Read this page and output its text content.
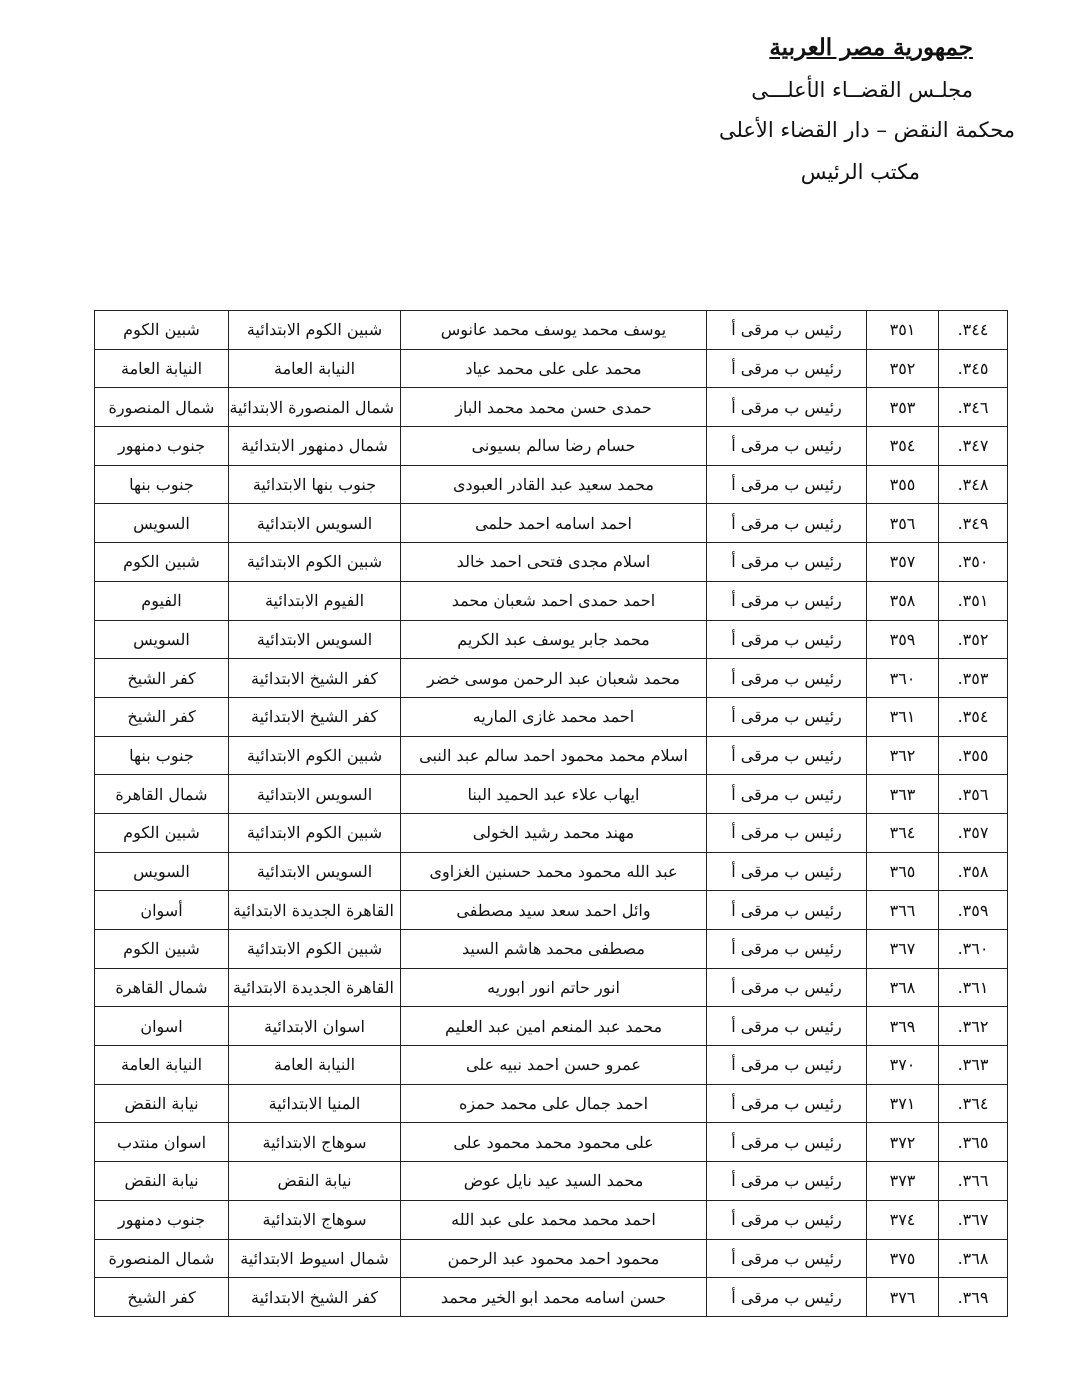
جمهورية مصر العربية
مجلـس القضــاء الأعلـــى
محكمة النقض – دار القضاء الأعلى
مكتب الرئيس
٣٤٤.	٣٥١	رئيس ب مرقى أ	يوسف محمد يوسف محمد عانوس	شبين الكوم الابتدائية	شبين الكوم
٣٤٥.	٣٥٢	رئيس ب مرقى أ	محمد على على محمد عياد	النيابة العامة	النيابة العامة
٣٤٦.	٣٥٣	رئيس ب مرقى أ	حمدى حسن محمد محمد الباز	شمال المنصورة الابتدائية	شمال المنصورة
٣٤٧.	٣٥٤	رئيس ب مرقى أ	حسام رضا سالم بسيونى	شمال دمنهور الابتدائية	جنوب دمنهور
٣٤٨.	٣٥٥	رئيس ب مرقى أ	محمد سعيد عبد القادر العبودى	جنوب بنها الابتدائية	جنوب بنها
٣٤٩.	٣٥٦	رئيس ب مرقى أ	احمد اسامه احمد حلمى	السويس الابتدائية	السويس
٣٥٠.	٣٥٧	رئيس ب مرقى أ	اسلام مجدى فتحى احمد خالد	شبين الكوم الابتدائية	شبين الكوم
٣٥١.	٣٥٨	رئيس ب مرقى أ	احمد حمدى احمد شعبان محمد	الفيوم الابتدائية	الفيوم
٣٥٢.	٣٥٩	رئيس ب مرقى أ	محمد جابر يوسف عبد الكريم	السويس الابتدائية	السويس
٣٥٣.	٣٦٠	رئيس ب مرقى أ	محمد شعبان عبد الرحمن موسى خضر	كفر الشيخ الابتدائية	كفر الشيخ
٣٥٤.	٣٦١	رئيس ب مرقى أ	احمد محمد غازى الماريه	كفر الشيخ الابتدائية	كفر الشيخ
٣٥٥.	٣٦٢	رئيس ب مرقى أ	اسلام محمد محمود احمد سالم عبد النبى	شبين الكوم الابتدائية	جنوب بنها
٣٥٦.	٣٦٣	رئيس ب مرقى أ	ايهاب علاء عبد الحميد البنا	السويس الابتدائية	شمال القاهرة
٣٥٧.	٣٦٤	رئيس ب مرقى أ	مهند محمد رشيد الخولى	شبين الكوم الابتدائية	شبين الكوم
٣٥٨.	٣٦٥	رئيس ب مرقى أ	عبد الله محمود محمد حسنين الغزاوى	السويس الابتدائية	السويس
٣٥٩.	٣٦٦	رئيس ب مرقى أ	وائل احمد سعد سيد مصطفى	القاهرة الجديدة الابتدائية	أسوان
٣٦٠.	٣٦٧	رئيس ب مرقى أ	مصطفى محمد هاشم السيد	شبين الكوم الابتدائية	شبين الكوم
٣٦١.	٣٦٨	رئيس ب مرقى أ	انور حاتم انور ابوريه	القاهرة الجديدة الابتدائية	شمال القاهرة
٣٦٢.	٣٦٩	رئيس ب مرقى أ	محمد عبد المنعم امين عبد العليم	اسوان الابتدائية	اسوان
٣٦٣.	٣٧٠	رئيس ب مرقى أ	عمرو حسن احمد نبيه على	النيابة العامة	النيابة العامة
٣٦٤.	٣٧١	رئيس ب مرقى أ	احمد جمال على محمد حمزه	المنيا الابتدائية	نيابة النقض
٣٦٥.	٣٧٢	رئيس ب مرقى أ	على محمود محمد محمود على	سوهاج الابتدائية	اسوان منتدب
٣٦٦.	٣٧٣	رئيس ب مرقى أ	محمد السيد عيد نايل عوض	نيابة النقض	نيابة النقض
٣٦٧.	٣٧٤	رئيس ب مرقى أ	احمد محمد محمد على عبد الله	سوهاج الابتدائية	جنوب دمنهور
٣٦٨.	٣٧٥	رئيس ب مرقى أ	محمود احمد محمود عبد الرحمن	شمال اسيوط الابتدائية	شمال المنصورة
٣٦٩.	٣٧٦	رئيس ب مرقى أ	حسن اسامه محمد ابو الخير محمد	كفر الشيخ الابتدائية	كفر الشيخ
